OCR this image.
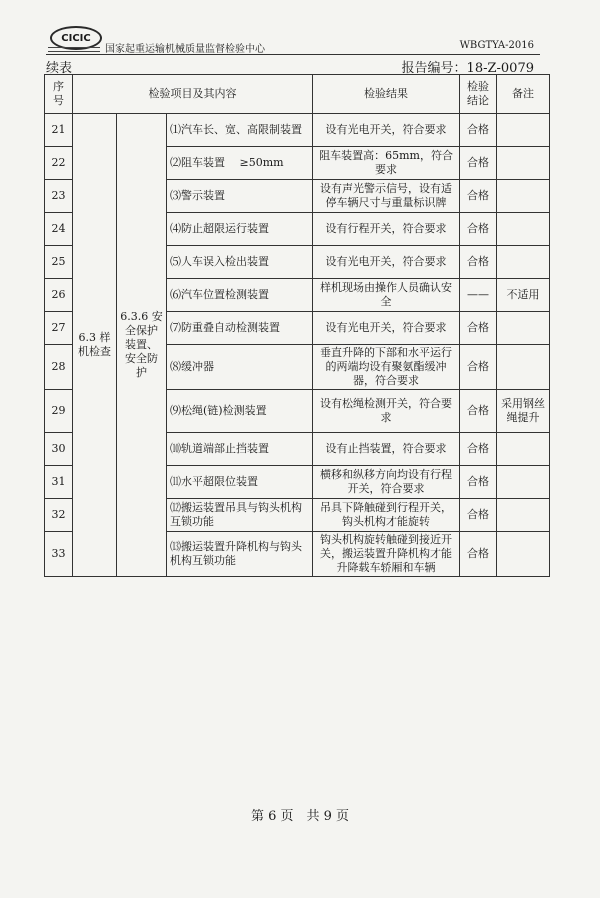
CICIC
国家起重运输机械质量监督检验中心	WBGTYA-2016
续表	报告编号：18-Z-0079
序号	检验项目及其内容			检验结果	检验结论	备注
21	6.3 样机检查	6.3.6 安全保护装置、安全防护	⑴汽车长、宽、高限制装置	设有光电开关，符合要求	合格	
22			⑵阻车装置　 ≥50mm	阻车装置高：65mm，符合要求	合格	
23			⑶警示装置	设有声光警示信号，设有适停车辆尺寸与重量标识牌	合格	
24			⑷防止超限运行装置	设有行程开关，符合要求	合格	
25			⑸人车误入检出装置	设有光电开关，符合要求	合格	
26			⑹汽车位置检测装置	样机现场由操作人员确认安全	——	不适用
27			⑺防重叠自动检测装置	设有光电开关，符合要求	合格	
28			⑻缓冲器	垂直升降的下部和水平运行的两端均设有聚氨酯缓冲器，符合要求	合格	
29			⑼松绳(链)检测装置	设有松绳检测开关，符合要求	合格	采用钢丝绳提升
30			⑽轨道端部止挡装置	设有止挡装置，符合要求	合格	
31			⑾水平超限位装置	横移和纵移方向均设有行程开关，符合要求	合格	
32			⑿搬运装置吊具与钩头机构互锁功能	吊具下降触碰到行程开关，钩头机构才能旋转	合格	
33			⒀搬运装置升降机构与钩头机构互锁功能	钩头机构旋转触碰到接近开关，搬运装置升降机构才能升降载车轿厢和车辆	合格	
第 6 页　共 9 页
